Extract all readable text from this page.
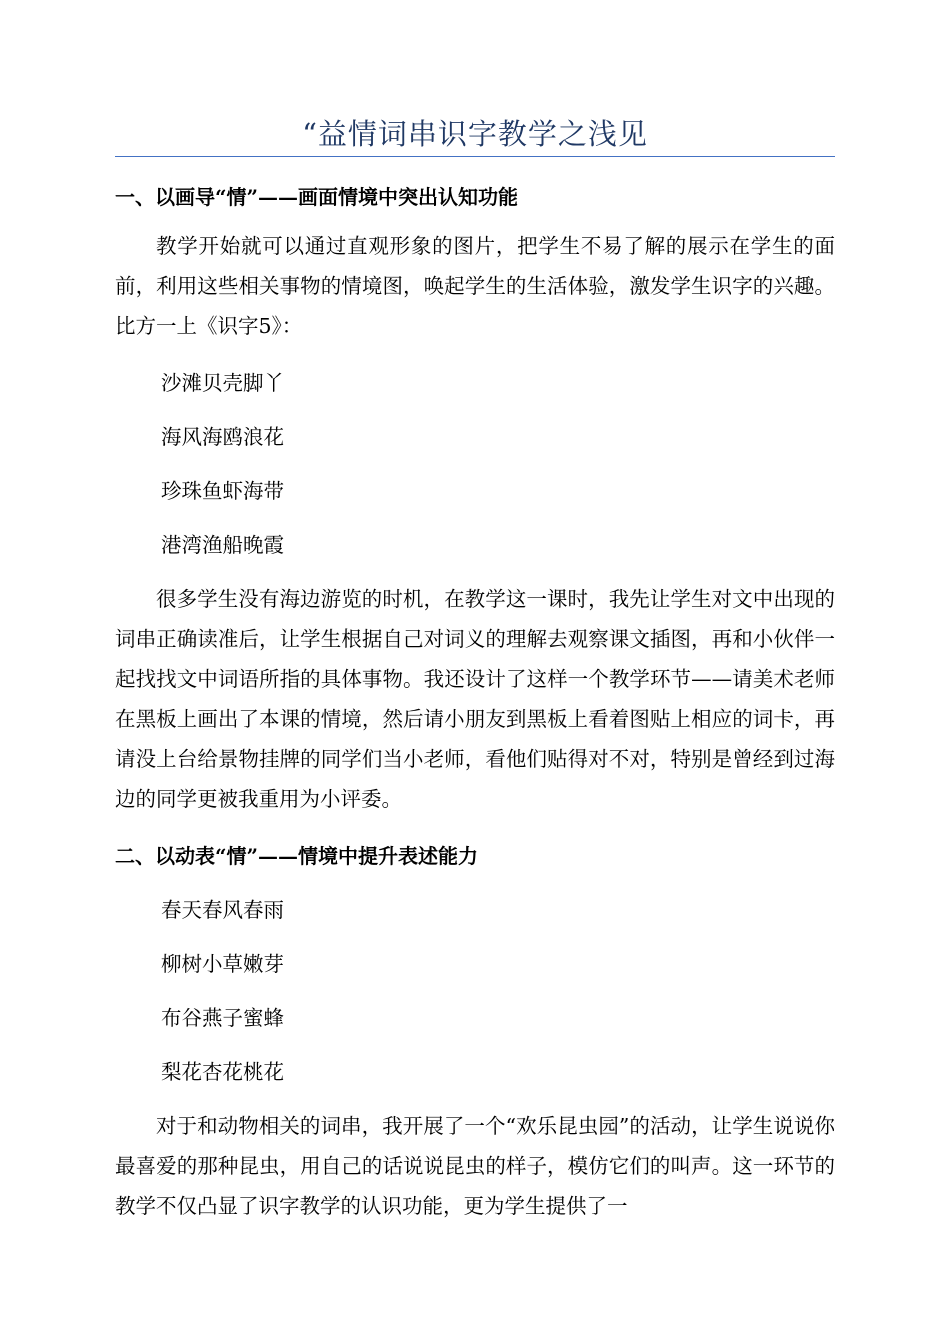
“益情词串识字教学之浅见
一、以画导“情”——画面情境中突出认知功能

教学开始就可以通过直观形象的图片，把学生不易了解的展示在学生的面前，利用这些相关事物的情境图，唤起学生的生活体验，激发学生识字的兴趣。比方一上《识字5》：

沙滩贝壳脚丫
海风海鸥浪花
珍珠鱼虾海带
港湾渔船晚霞

很多学生没有海边游览的时机，在教学这一课时，我先让学生对文中出现的词串正确读准后，让学生根据自己对词义的理解去观察课文插图，再和小伙伴一起找找文中词语所指的具体事物。我还设计了这样一个教学环节——请美术老师在黑板上画出了本课的情境，然后请小朋友到黑板上看着图贴上相应的词卡，再请没上台给景物挂牌的同学们当小老师，看他们贴得对不对，特别是曾经到过海边的同学更被我重用为小评委。

二、以动表“情”——情境中提升表述能力
春天春风春雨
柳树小草嫩芽
布谷燕子蜜蜂
梨花杏花桃花

对于和动物相关的词串，我开展了一个“欢乐昆虫园”的活动，让学生说说你最喜爱的那种昆虫，用自己的话说说昆虫的样子，模仿它们的叫声。这一环节的教学不仅凸显了识字教学的认识功能，更为学生提供了一
